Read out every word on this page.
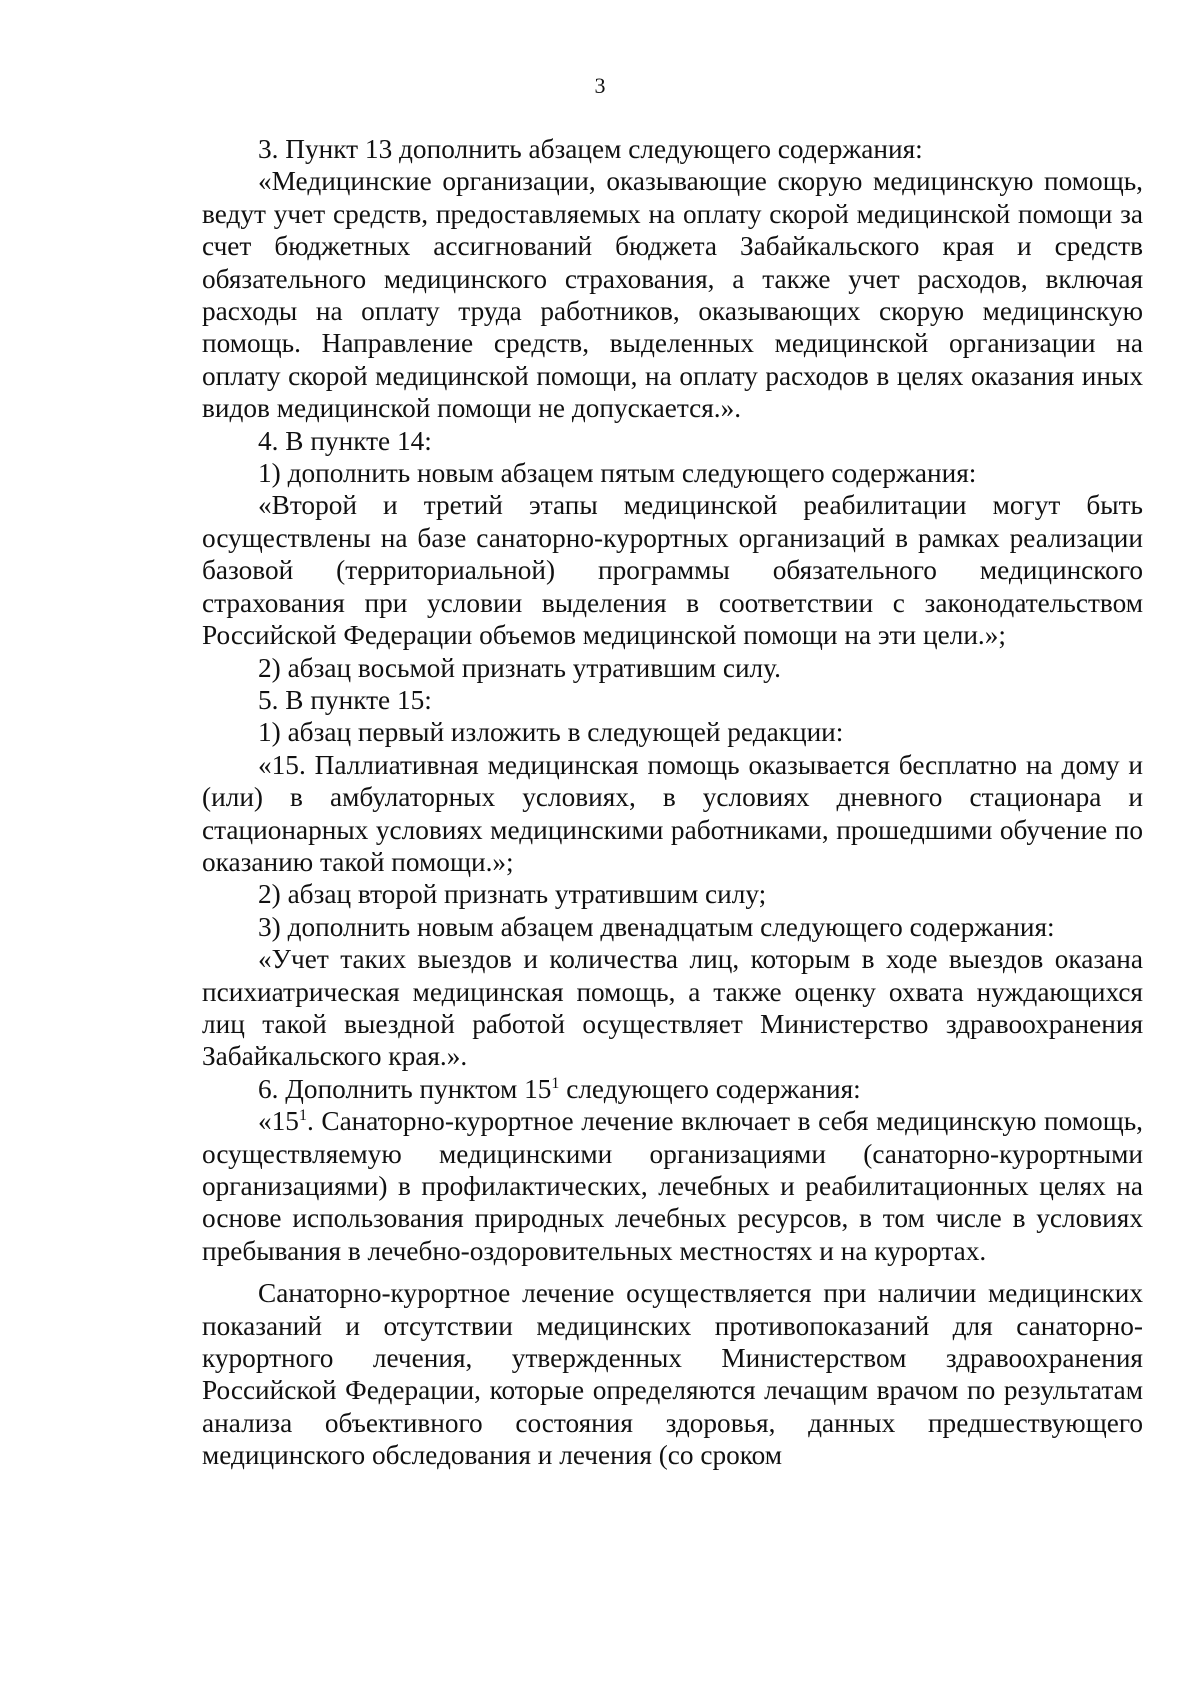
3

3. Пункт 13 дополнить абзацем следующего содержания:

«Медицинские организации, оказывающие скорую медицинскую помощь, ведут учет средств, предоставляемых на оплату скорой медицинской помощи за счет бюджетных ассигнований бюджета Забайкальского края и средств обязательного медицинского страхования, а также учет расходов, включая расходы на оплату труда работников, оказывающих скорую медицинскую помощь. Направление средств, выделенных медицинской организации на оплату скорой медицинской помощи, на оплату расходов в целях оказания иных видов медицинской помощи не допускается.».

4. В пункте 14:

1) дополнить новым абзацем пятым следующего содержания:

«Второй и третий этапы медицинской реабилитации могут быть осуществлены на базе санаторно-курортных организаций в рамках реализации базовой (территориальной) программы обязательного медицинского страхования при условии выделения в соответствии с законодательством Российской Федерации объемов медицинской помощи на эти цели.»;

2) абзац восьмой признать утратившим силу.

5. В пункте 15:

1) абзац первый изложить в следующей редакции:

«15. Паллиативная медицинская помощь оказывается бесплатно на дому и (или) в амбулаторных условиях, в условиях дневного стационара и стационарных условиях медицинскими работниками, прошедшими обучение по оказанию такой помощи.»;

2) абзац второй признать утратившим силу;

3) дополнить новым абзацем двенадцатым следующего содержания:

«Учет таких выездов и количества лиц, которым в ходе выездов оказана психиатрическая медицинская помощь, а также оценку охвата нуждающихся лиц такой выездной работой осуществляет Министерство здравоохранения Забайкальского края.».

6. Дополнить пунктом $15^1$ следующего содержания:

«$15^1$. Санаторно-курортное лечение включает в себя медицинскую помощь, осуществляемую медицинскими организациями (санаторно-курортными организациями) в профилактических, лечебных и реабилитационных целях на основе использования природных лечебных ресурсов, в том числе в условиях пребывания в лечебно-оздоровительных местностях и на курортах.

Санаторно-курортное лечение осуществляется при наличии медицинских показаний и отсутствии медицинских противопоказаний для санаторно-курортного лечения, утвержденных Министерством здравоохранения Российской Федерации, которые определяются лечащим врачом по результатам анализа объективного состояния здоровья, данных предшествующего медицинского обследования и лечения (со сроком
